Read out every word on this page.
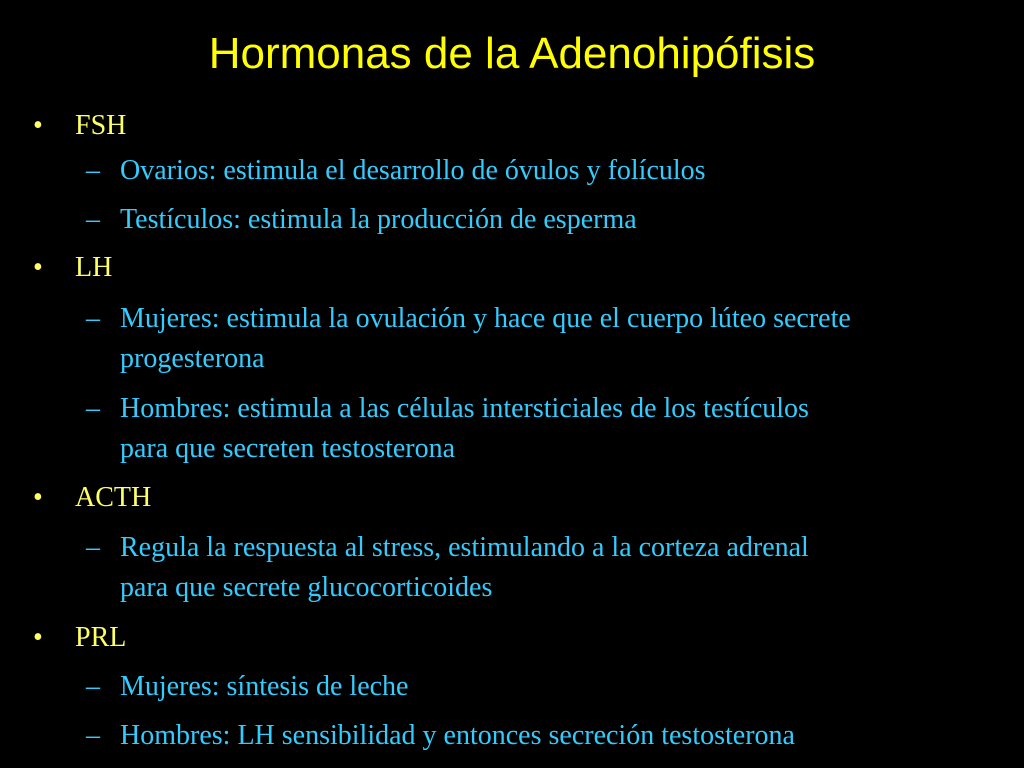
Hormonas de la Adenohipófisis
• FSH
– Ovarios: estimula el desarrollo de óvulos y folículos
– Testículos: estimula la producción de esperma
• LH
– Mujeres: estimula la ovulación y hace que el cuerpo lúteo secrete
progesterona
– Hombres: estimula a las células intersticiales de los testículos
para que secreten testosterona
• ACTH
– Regula la respuesta al stress, estimulando a la corteza adrenal
para que secrete glucocorticoides
• PRL
– Mujeres: síntesis de leche
– Hombres: LH sensibilidad y entonces secreción testosterona
